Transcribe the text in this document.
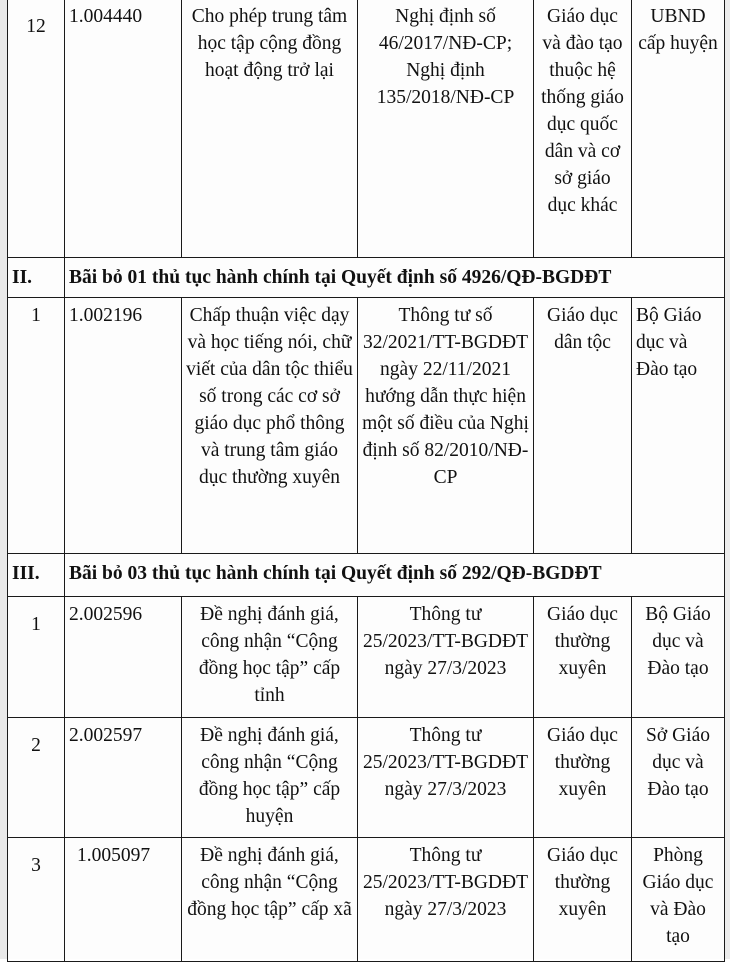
12	1.004440	Cho phép trung tâm học tập cộng đồng hoạt động trở lại	Nghị định số 46/2017/NĐ-CP; Nghị định 135/2018/NĐ-CP	Giáo dục và đào tạo thuộc hệ thống giáo dục quốc dân và cơ sở giáo dục khác	UBND cấp huyện
II.	Bãi bỏ 01 thủ tục hành chính tại Quyết định số 4926/QĐ-BGDĐT				
1	1.002196	Chấp thuận việc dạy và học tiếng nói, chữ viết của dân tộc thiểu số trong các cơ sở giáo dục phổ thông và trung tâm giáo dục thường xuyên	Thông tư số 32/2021/TT-BGDĐT ngày 22/11/2021 hướng dẫn thực hiện một số điều của Nghị định số 82/2010/NĐ-CP	Giáo dục dân tộc	Bộ Giáo dục và Đào tạo
III.	Bãi bỏ 03 thủ tục hành chính tại Quyết định số 292/QĐ-BGDĐT				
1	2.002596	Đề nghị đánh giá, công nhận “Cộng đồng học tập” cấp tỉnh	Thông tư 25/2023/TT-BGDĐT ngày 27/3/2023	Giáo dục thường xuyên	Bộ Giáo dục và Đào tạo
2	2.002597	Đề nghị đánh giá, công nhận “Cộng đồng học tập” cấp huyện	Thông tư 25/2023/TT-BGDĐT ngày 27/3/2023	Giáo dục thường xuyên	Sở Giáo dục và Đào tạo
3	1.005097	Đề nghị đánh giá, công nhận “Cộng đồng học tập” cấp xã	Thông tư 25/2023/TT-BGDĐT ngày 27/3/2023	Giáo dục thường xuyên	Phòng Giáo dục và Đào tạo
